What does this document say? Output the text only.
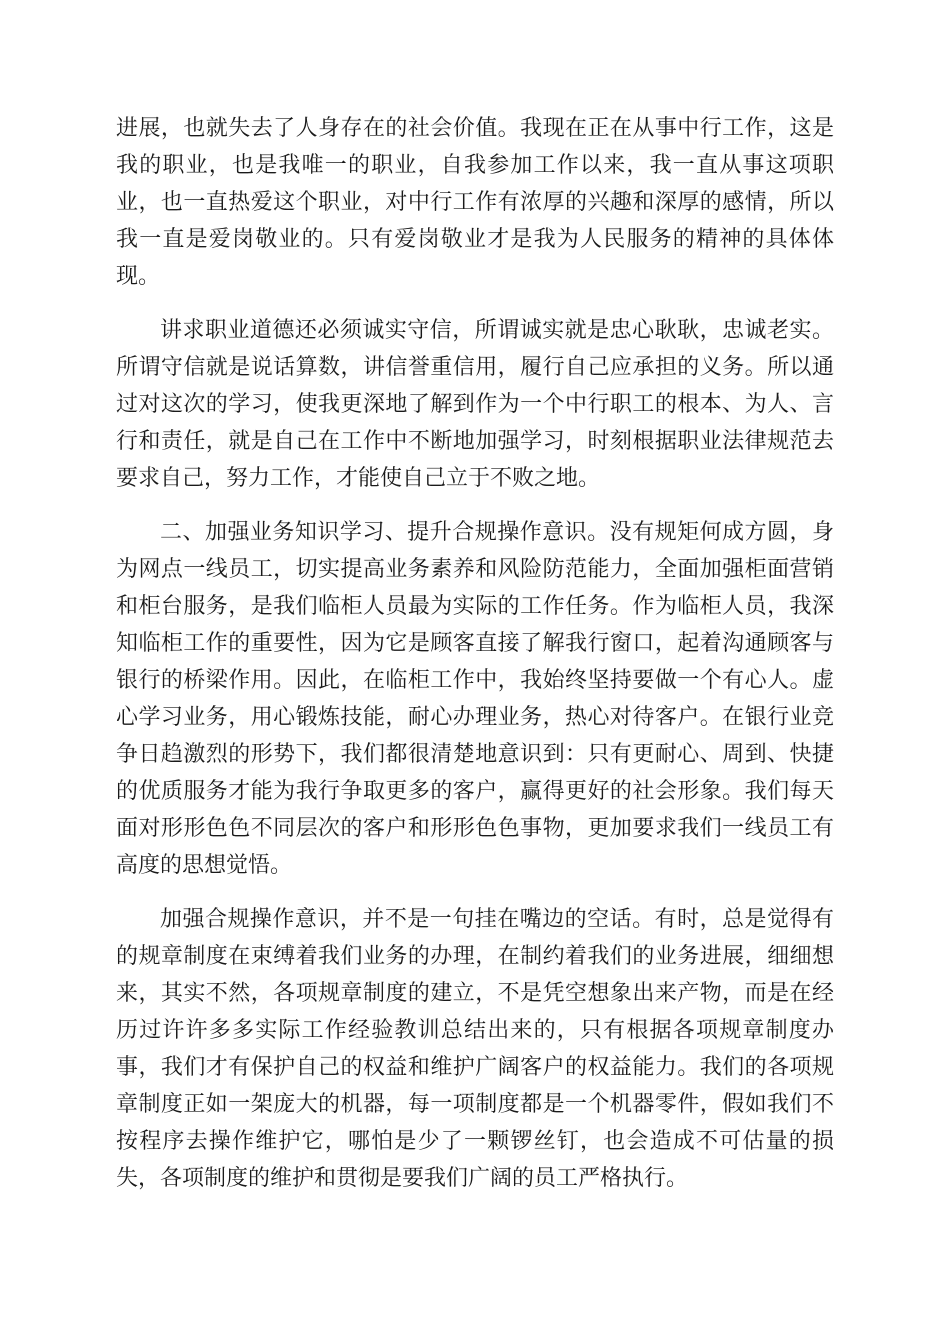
进展，也就失去了人身存在的社会价值。我现在正在从事中行工作，这是我的职业，也是我唯一的职业，自我参加工作以来，我一直从事这项职业，也一直热爱这个职业，对中行工作有浓厚的兴趣和深厚的感情，所以我一直是爱岗敬业的。只有爱岗敬业才是我为人民服务的精神的具体体现。

讲求职业道德还必须诚实守信，所谓诚实就是忠心耿耿，忠诚老实。所谓守信就是说话算数，讲信誉重信用，履行自己应承担的义务。所以通过对这次的学习，使我更深地了解到作为一个中行职工的根本、为人、言行和责任，就是自己在工作中不断地加强学习，时刻根据职业法律规范去要求自己，努力工作，才能使自己立于不败之地。

二、加强业务知识学习、提升合规操作意识。没有规矩何成方圆，身为网点一线员工，切实提高业务素养和风险防范能力，全面加强柜面营销和柜台服务，是我们临柜人员最为实际的工作任务。作为临柜人员，我深知临柜工作的重要性，因为它是顾客直接了解我行窗口，起着沟通顾客与银行的桥梁作用。因此，在临柜工作中，我始终坚持要做一个有心人。虚心学习业务，用心锻炼技能，耐心办理业务，热心对待客户。在银行业竞争日趋激烈的形势下，我们都很清楚地意识到：只有更耐心、周到、快捷的优质服务才能为我行争取更多的客户，赢得更好的社会形象。我们每天面对形形色色不同层次的客户和形形色色事物，更加要求我们一线员工有高度的思想觉悟。

加强合规操作意识，并不是一句挂在嘴边的空话。有时，总是觉得有的规章制度在束缚着我们业务的办理，在制约着我们的业务进展，细细想来，其实不然，各项规章制度的建立，不是凭空想象出来产物，而是在经历过许许多多实际工作经验教训总结出来的，只有根据各项规章制度办事，我们才有保护自己的权益和维护广阔客户的权益能力。我们的各项规章制度正如一架庞大的机器，每一项制度都是一个机器零件，假如我们不按程序去操作维护它，哪怕是少了一颗锣丝钉，也会造成不可估量的损失，各项制度的维护和贯彻是要我们广阔的员工严格执行。
